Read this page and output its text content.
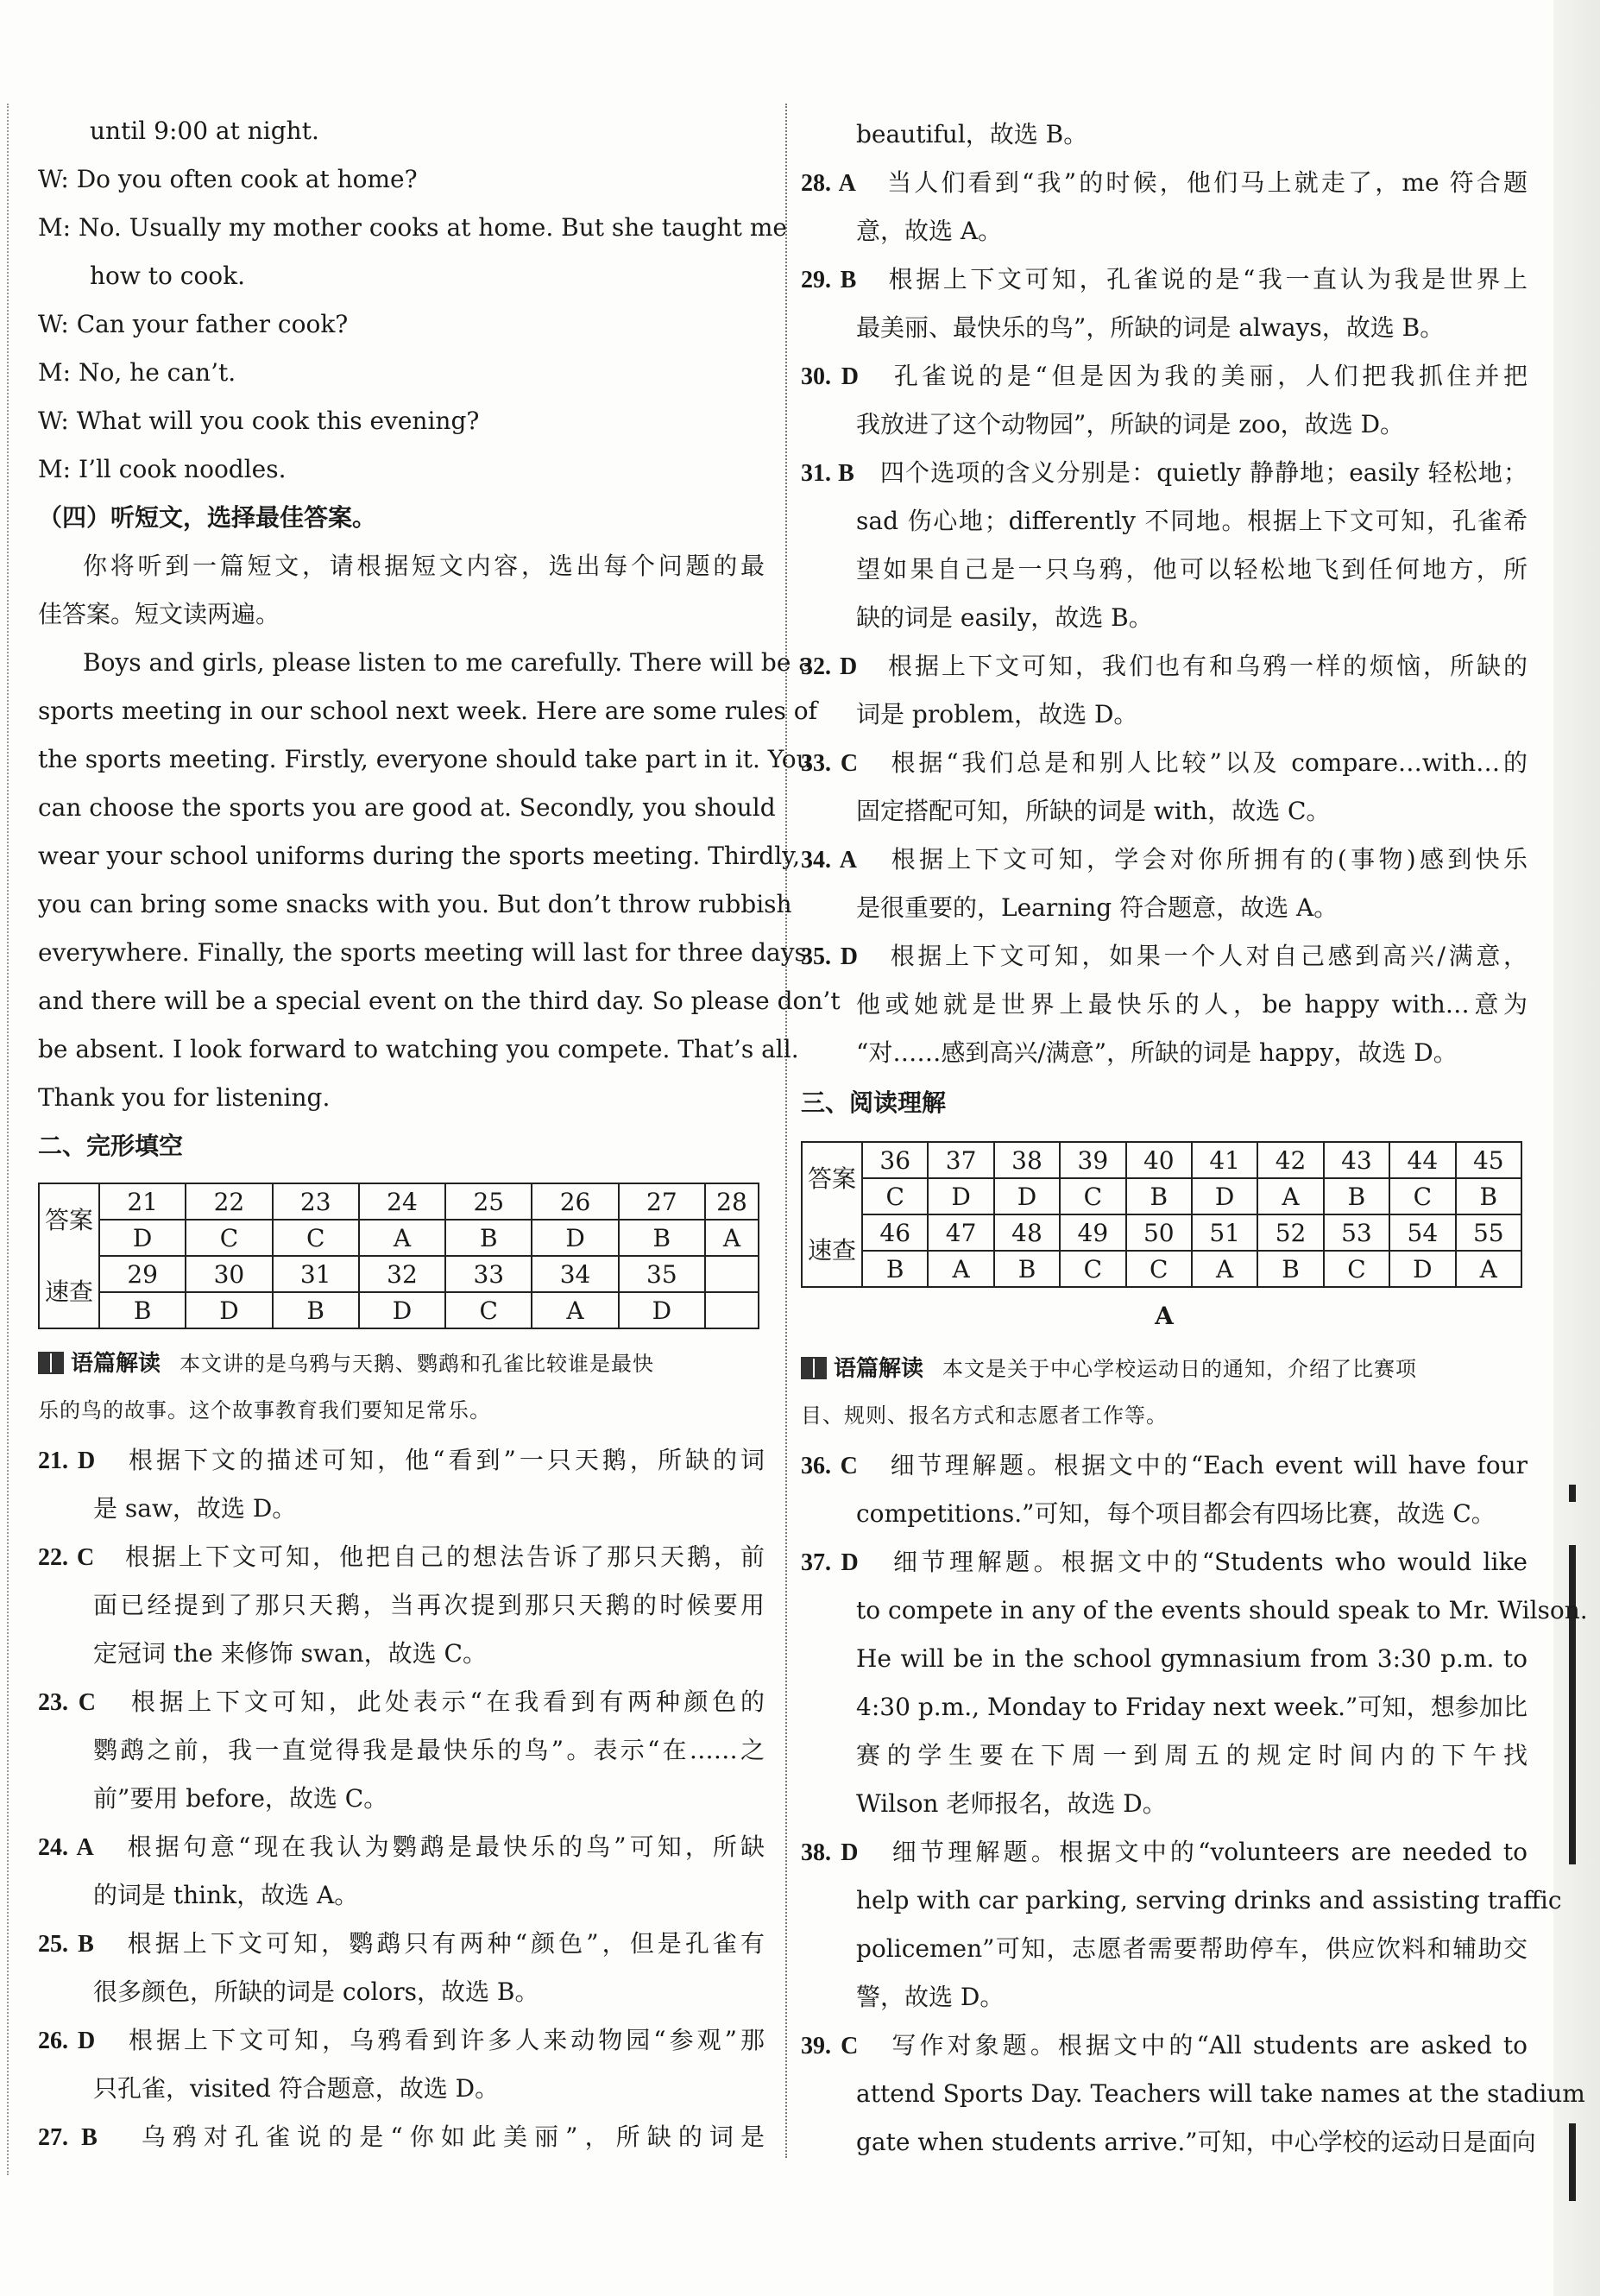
until 9:00 at night.
W: Do you often cook at home?
M: No. Usually my mother cooks at home. But she taught me
how to cook.
W: Can your father cook?
M: No, he can’t.
W: What will you cook this evening?
M: I’ll cook noodles.
（四）听短文，选择最佳答案。
你将听到一篇短文，请根据短文内容，选出每个问题的最
佳答案。短文读两遍。
Boys and girls, please listen to me carefully. There will be a
sports meeting in our school next week. Here are some rules of
the sports meeting. Firstly, everyone should take part in it. You
can choose the sports you are good at. Secondly, you should
wear your school uniforms during the sports meeting. Thirdly,
you can bring some snacks with you. But don’t throw rubbish
everywhere. Finally, the sports meeting will last for three days
and there will be a special event on the third day. So please don’t
be absent. I look forward to watching you compete. That’s all.
Thank you for listening.
二、完形填空
答案	21	22	23	24	25	26	27	28
	D	C	C	A	B	D	B	A
速查	29	30	31	32	33	34	35	
	B	D	B	D	C	A	D	
语篇解读 本文讲的是乌鸦与天鹅、鹦鹉和孔雀比较谁是最快
乐的鸟的故事。这个故事教育我们要知足常乐。
21. D 根据下文的描述可知，他“看到”一只天鹅，所缺的词
是 saw，故选 D。
22. C 根据上下文可知，他把自己的想法告诉了那只天鹅，前
面已经提到了那只天鹅，当再次提到那只天鹅的时候要用
定冠词 the 来修饰 swan，故选 C。
23. C 根据上下文可知，此处表示“在我看到有两种颜色的
鹦鹉之前，我一直觉得我是最快乐的鸟”。表示“在……之
前”要用 before，故选 C。
24. A 根据句意“现在我认为鹦鹉是最快乐的鸟”可知，所缺
的词是 think，故选 A。
25. B 根据上下文可知，鹦鹉只有两种“颜色”，但是孔雀有
很多颜色，所缺的词是 colors，故选 B。
26. D 根据上下文可知，乌鸦看到许多人来动物园“参观”那
只孔雀，visited 符合题意，故选 D。
27. B 乌鸦对孔雀说的是“你如此美丽”，所缺的词是
beautiful，故选 B。
28. A 当人们看到“我”的时候，他们马上就走了，me 符合题
意，故选 A。
29. B 根据上下文可知，孔雀说的是“我一直认为我是世界上
最美丽、最快乐的鸟”，所缺的词是 always，故选 B。
30. D 孔雀说的是“但是因为我的美丽，人们把我抓住并把
我放进了这个动物园”，所缺的词是 zoo，故选 D。
31. B 四个选项的含义分别是：quietly 静静地；easily 轻松地；
sad 伤心地；differently 不同地。根据上下文可知，孔雀希
望如果自己是一只乌鸦，他可以轻松地飞到任何地方，所
缺的词是 easily，故选 B。
32. D 根据上下文可知，我们也有和乌鸦一样的烦恼，所缺的
词是 problem，故选 D。
33. C 根据“我们总是和别人比较”以及 compare…with…的
固定搭配可知，所缺的词是 with，故选 C。
34. A 根据上下文可知，学会对你所拥有的(事物)感到快乐
是很重要的，Learning 符合题意，故选 A。
35. D 根据上下文可知，如果一个人对自己感到高兴/满意，
他或她就是世界上最快乐的人，be happy with…意为
“对……感到高兴/满意”，所缺的词是 happy，故选 D。
三、阅读理解
答案	36	37	38	39	40	41	42	43	44	45
	C	D	D	C	B	D	A	B	C	B
速查	46	47	48	49	50	51	52	53	54	55
	B	A	B	C	C	A	B	C	D	A
A
语篇解读 本文是关于中心学校运动日的通知，介绍了比赛项
目、规则、报名方式和志愿者工作等。
36. C 细节理解题。根据文中的“Each event will have four
competitions.”可知，每个项目都会有四场比赛，故选 C。
37. D 细节理解题。根据文中的“Students who would like
to compete in any of the events should speak to Mr. Wilson.
He will be in the school gymnasium from 3:30 p.m. to
4:30 p.m., Monday to Friday next week.”可知，想参加比
赛的学生要在下周一到周五的规定时间内的下午找
Wilson 老师报名，故选 D。
38. D 细节理解题。根据文中的“volunteers are needed to
help with car parking, serving drinks and assisting traffic
policemen”可知，志愿者需要帮助停车，供应饮料和辅助交
警，故选 D。
39. C 写作对象题。根据文中的“All students are asked to
attend Sports Day. Teachers will take names at the stadium
gate when students arrive.”可知，中心学校的运动日是面向
